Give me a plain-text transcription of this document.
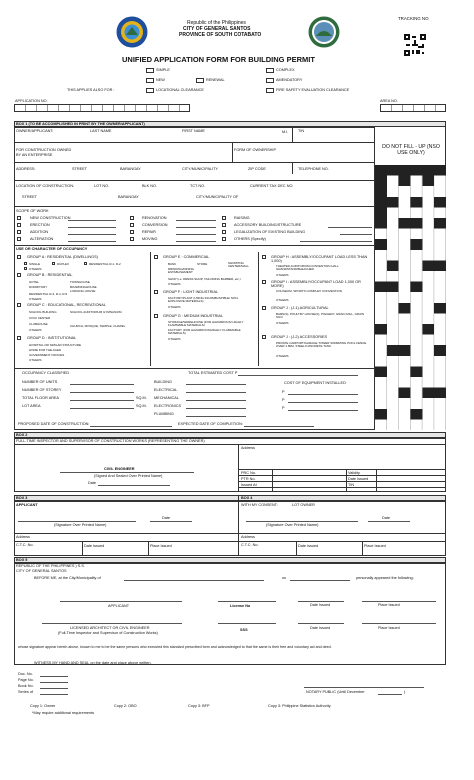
TRACKING NO
Republic of the Philippines
CITY OF GENERAL SANTOS
PROVINCE OF SOUTH COTABATO
UNIFIED APPLICATION FORM FOR BUILDING PERMIT
SIMPLE	COMPLEX
NEW	RENEWAL	AMENDATORY
THIS APPLIES ALSO FOR :	LOCATIONAL CLEARANCE	FIRE SAFETY EVALUATION CLEARANCE
APPLICATION NO.	AREA NO.
BOX 1 (TO BE ACCOMPLISHED IN PRINT BY THE OWNER/APPLICANT)
OWNER/APPLICANT:	LAST NAME	FIRST NAME	M.I.	TIN
FOR CONSTRUCTION OWNED
BY AN ENTERPRISE
FORM OF OWNERSHIP
ADDRESS:	STREET	BARANGAY	CITY/MUNICIPALITY	ZIP CODE	TELEPHONE NO.
LOCATION OF CONSTRUCTION:	LOT NO.	BLK NO.	TCT NO.	CURRENT TAX DEC NO.
STREET	BARANGAY	CITY/MUNICIPALITY OF
SCOPE OF WORK
NEW CONSTRUCTION
ERECTION
ADDITION
ALTERATION
RENOVATION
CONVERSION
REPAIR
MOVING
RAISING
ACCESSORY BUILDING/STRUCTURE
LEGALIZATION OF EXISTING BUILDING
OTHERS (Specify)
USE OR CHARACTER OF OCCUPANCY
GROUP A : RESIDENTIAL (DWELLINGS)
SINGLE	DUPLEX	RESIDENTIAL R-1, R-2
OTHERS
GROUP B : RESIDENTIAL
HOTEL	TOWNHOUSE
DORMITORY	BOARDINGHOUSE
LODGING HOUSE
RESIDENTIAL R-3, R-4, R-5
OTHERS
GROUP C : EDUCATIONAL, RECREATIONAL
SCHOOL BUILDING	SCHOOL AUDITORIUM GYMNASIUM
CIVIC CENTER
CLUBHOUSE	CHURCH, MOSQUE, TEMPLE, CHAPEL
OTHERS
GROUP D : INSTITUTIONAL
HOSPITAL OR SIMILAR STRUCTURE
HOME FOR THE AGED
GOVERNMENT OFFICES
OTHERS
GROUP E : COMMERCIAL
BANK	STORE	SHOPPING CENTER/MALL
DRINKING/DINING ESTABLISHMENT
SHOP (i.e. DRESS SHOP, TAILORING BARBER, etc.)
OTHERS
GROUP F : LIGHT INDUSTRIAL
FACTORY/PLANT (USING INCOMBUSTIBLE/ NON-EXPLOSIVE MATERIALS)
OTHERS
GROUP G : MEDIUM INDUSTRIAL
STORAGE/WAREHOUSE (FOR HAZARDOUS/ HIGHLY FLAMMABLE MATERIALS)
FACTORY (FOR HAZARDOUS/HIGHLY FLAMMABLE MATERIALS)
OTHERS
GROUP H : ASSEMBLY/OCCUPANT LOAD LESS THAN 1,000)
THEATER,AUDITORIUM,CONVENTION HALL GRANDSTAND/BLEACHER
OTHERS
GROUP I : ASSEMBLY/OCCUPANT LOAD 1,000 OR MORE)
COLISEUM, SPORTS COMPLEX CONVENTION
OTHERS
GROUP J : (J-1) AGRICULTURAL
BARN(S), POULTRY HOUSE(S), PIGGERY, GRAIN MILL, GRAIN SILO
OTHERS
GROUP J : (J-2) ACCESSORIES
PRIVATE CARPORT/GARAGE TOWER SWIMMING POOL FENCE OVER 1.80M, STEEL/CONCRETE TANK
OTHERS
OCCUPANCY CLASSIFIED	TOTAL ESTIMATED COST P
NUMBER OF UNITS
NUMBER OF STOREY
TOTAL FLOOR AREA	SQ.M.
LOT AREA	SQ.M.
BUILDING
ELECTRICAL
MECHANICAL
ELECTRONICS
PLUMBING
COST OF EQUIPMENT INSTALLED
P
P
P
PROPOSED DATE OF CONSTRUCTION:	EXPECTED DATE OF COMPLETION:
DO NOT FILL - UP (NSO USE ONLY)
BOX 2
FULL-TIME INSPECTOR AND SUPERVISOR OF CONSTRUCTION WORKS (REPRESENTING THE OWNER)
Address
CIVIL ENGINEER
(Signed And Sealed Over Printed Name)
Date
PRC No.	Validity
PTR No.	Date Issued
Issued At	TIN
BOX 3	BOX 4
APPLICANT
Date
(Signature Over Printed Name)
Address
C.T.C. No.	Date Issued	Place Issued
WITH MY CONSENT:	LOT OWNER
Date
(Signature Over Printed Name)
Address
C.T.C. No.	Date Issued	Place Issued
BOX 5
REPUBLIC OF THE PHILIPPINES ) S.S.
CITY OF GENERAL SANTOS
BEFORE ME, at the City/Municipality of	on	personally appeared the following:
APPLICANT	License No	Date Issued	Place Issued
LICENSED ARCHITECT OR CIVIL ENGINEER	SSS	Date Issued	Place Issued
(Full-Time Inspector and Supervisor of Construction Works)
whose signature appear herein above, known to me to be the same persons who executed this standard prescribed form and acknowledged to that the same is their free and voluntary act and deed.
WITNESS MY HAND AND SEAL on the date and place above written.
Doc. No.
Page No.
Book No.
Series of	NOTARY PUBLIC (Until December	)
Copy 1: Owner	Copy 2: OBO	Copy 3: BFP	Copy 3: Philippine Statistics Authority
*May require additional requirements
